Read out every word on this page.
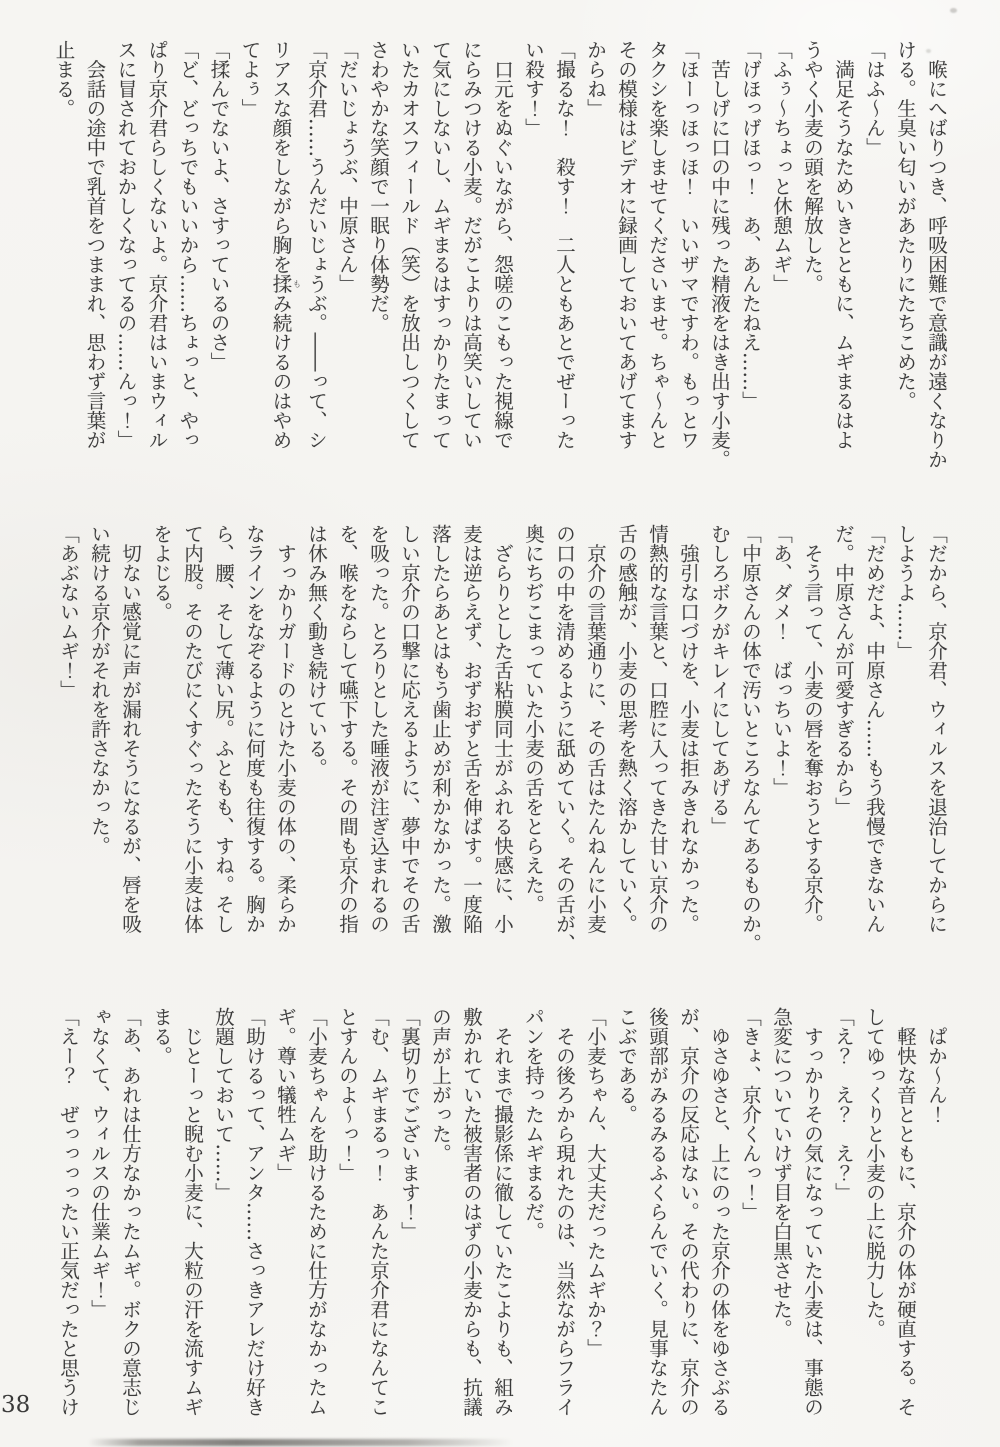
　喉にへばりつき、呼吸困難で意識が遠くなりか

ける。生臭い匂いがあたりにたちこめた。

「はふ〜ん」

　満足そうなためいきとともに、ムギまるはよ

うやく小麦の頭を解放した。

「ふぅ〜ちょっと休憩ムギ」

「げほっげほっ！　あ、あんたねえ……」

　苦しげに口の中に残った精液をはき出す小麦。

「ほーっほっほ！　いいザマですわ。もっとワ

タクシを楽しませてくださいませ。ちゃ〜んと

その模様はビデオに録画しておいてあげてます

からね」

「撮るな！　殺す！　二人ともあとでぜーった

い殺す！」

　口元をぬぐいながら、怨嗟のこもった視線で

にらみつける小麦。だがこよりは高笑いしてい

て気にしないし、ムギまるはすっかりたまって

いたカオスフィールド（笑）を放出しつくして

さわやかな笑顔で一眠り体勢だ。

「だいじょうぶ、中原さん」

「京介君……うんだいじょうぶ。――って、シ

リアスな顔をしながら胸を揉もみ続けるのはやめ

てよぅ」

「揉んでないよ、さすっているのさ」

「ど、どっちでもいいから……ちょっと、やっ

ぱり京介君らしくないよ。京介君はいまウィル

スに冒されておかしくなってるの……んっ！」

　会話の途中で乳首をつままれ、思わず言葉が

止まる。

「だから、京介君、ウィルスを退治してからに

しようよ……」

「だめだよ、中原さん……もう我慢できないん

だ。中原さんが可愛すぎるから」

　そう言って、小麦の唇を奪おうとする京介。

「あ、ダメ！　ばっちいよ！」

「中原さんの体で汚いところなんてあるものか。

むしろボクがキレイにしてあげる」

　強引な口づけを、小麦は拒みきれなかった。

情熱的な言葉と、口腔に入ってきた甘い京介の

舌の感触が、小麦の思考を熱く溶かしていく。

　京介の言葉通りに、その舌はたんねんに小麦

の口の中を清めるように舐めていく。その舌が、

奥にちぢこまっていた小麦の舌をとらえた。

　ざらりとした舌粘膜同士がふれる快感に、小

麦は逆らえず、おずおずと舌を伸ばす。一度陥

落したらあとはもう歯止めが利かなかった。激

しい京介の口撃に応えるように、夢中でその舌

を吸った。とろりとした唾液が注ぎ込まれるの

を、喉をならして嚥下する。その間も京介の指

は休み無く動き続けている。

　すっかりガードのとけた小麦の体の、柔らか

なラインをなぞるように何度も往復する。胸か

ら、腰、そして薄い尻。ふともも、すね。そし

て内股。そのたびにくすぐったそうに小麦は体

をよじる。

　切ない感覚に声が漏れそうになるが、唇を吸

い続ける京介がそれを許さなかった。

「あぶないムギ！」

　ぱか〜ん！

　軽快な音とともに、京介の体が硬直する。そ

してゆっくりと小麦の上に脱力した。

「え？　え？　え？」

　すっかりその気になっていた小麦は、事態の

急変についていけず目を白黒させた。

「きょ、京介くんっ！」

　ゆさゆさと、上にのった京介の体をゆさぶる

が、京介の反応はない。その代わりに、京介の

後頭部がみるみるふくらんでいく。見事なたん

こぶである。

「小麦ちゃん、大丈夫だったムギか？」

　その後ろから現れたのは、当然ながらフライ

パンを持ったムギまるだ。

　それまで撮影係に徹していたこよりも、組み

敷かれていた被害者のはずの小麦からも、抗議

の声が上がった。

「裏切りでございます！」

「む、ムギまるっ！　あんた京介君になんてこ

とすんのよ〜っ！」

「小麦ちゃんを助けるために仕方がなかったム

ギ。尊い犠牲ムギ」

「助けるって、アンタ……さっきアレだけ好き

放題しておいて……」

　じとーっと睨む小麦に、大粒の汗を流すムギ

まる。

「あ、あれは仕方なかったムギ。ボクの意志じ

ゃなくて、ウィルスの仕業ムギ！」

「えー？　ぜっっっったい正気だったと思うけ

38
